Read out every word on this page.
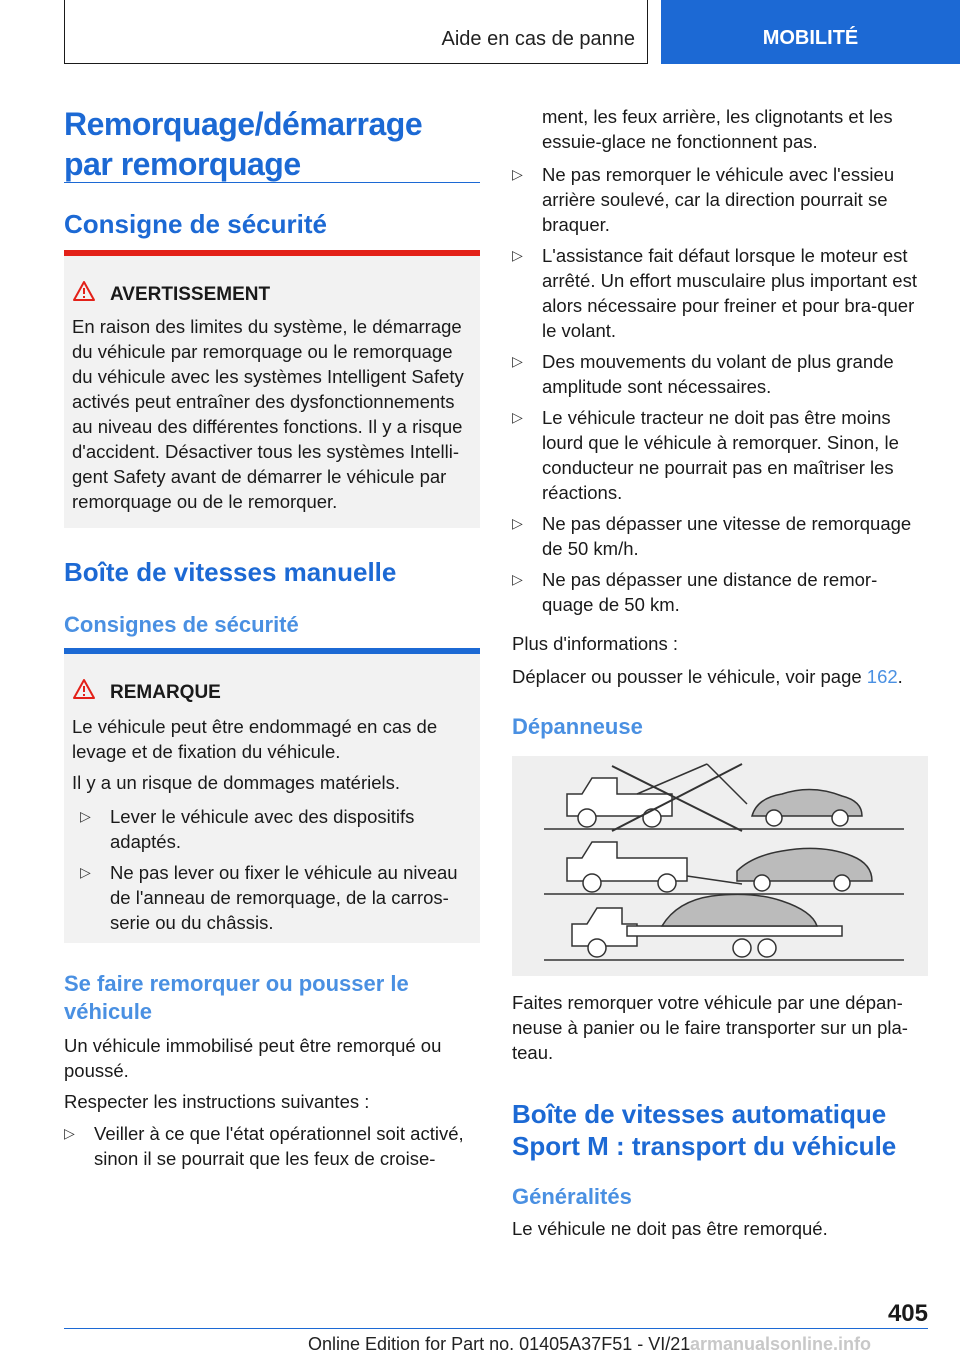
Aide en cas de panne	MOBILITÉ
Remorquage/démarrage
par remorquage
Consigne de sécurité
AVERTISSEMENT

En raison des limites du système, le démarrage du véhicule par remorquage ou le remorquage du véhicule avec les systèmes Intelligent Safety activés peut entraîner des dysfonctionnements au niveau des différentes fonctions. Il y a risque d'accident. Désactiver tous les systèmes Intelli‐gent Safety avant de démarrer le véhicule par remorquage ou de le remorquer.

Boîte de vitesses manuelle
Consignes de sécurité
REMARQUE

Le véhicule peut être endommagé en cas de levage et de fixation du véhicule.

Il y a un risque de dommages matériels.

▷ Lever le véhicule avec des dispositifs adaptés.
▷ Ne pas lever ou fixer le véhicule au niveau de l'anneau de remorquage, de la carros‐serie ou du châssis.
Se faire remorquer ou pousser le véhicule

Un véhicule immobilisé peut être remorqué ou poussé.

Respecter les instructions suivantes :

▷ Veiller à ce que l'état opérationnel soit activé, sinon il se pourrait que les feux de croise‐

ment, les feux arrière, les clignotants et les essuie-glace ne fonctionnent pas.

▷ Ne pas remorquer le véhicule avec l'essieu arrière soulevé, car la direction pourrait se braquer.
▷ L'assistance fait défaut lorsque le moteur est arrêté. Un effort musculaire plus important est alors nécessaire pour freiner et pour bra‐quer le volant.
▷ Des mouvements du volant de plus grande amplitude sont nécessaires.
▷ Le véhicule tracteur ne doit pas être moins lourd que le véhicule à remorquer. Sinon, le conducteur ne pourrait pas en maîtriser les réactions.
▷ Ne pas dépasser une vitesse de remorquage de 50 km/h.
▷ Ne pas dépasser une distance de remor‐quage de 50 km.

Plus d'informations :

Déplacer ou pousser le véhicule, voir page 162.

Dépanneuse

Faites remorquer votre véhicule par une dépan‐neuse à panier ou le faire transporter sur un pla‐teau.

Boîte de vitesses automatique Sport M : transport du véhicule
Généralités

Le véhicule ne doit pas être remorqué.

405
Online Edition for Part no. 01405A37F51 - VI/21 armanualsonline.info
